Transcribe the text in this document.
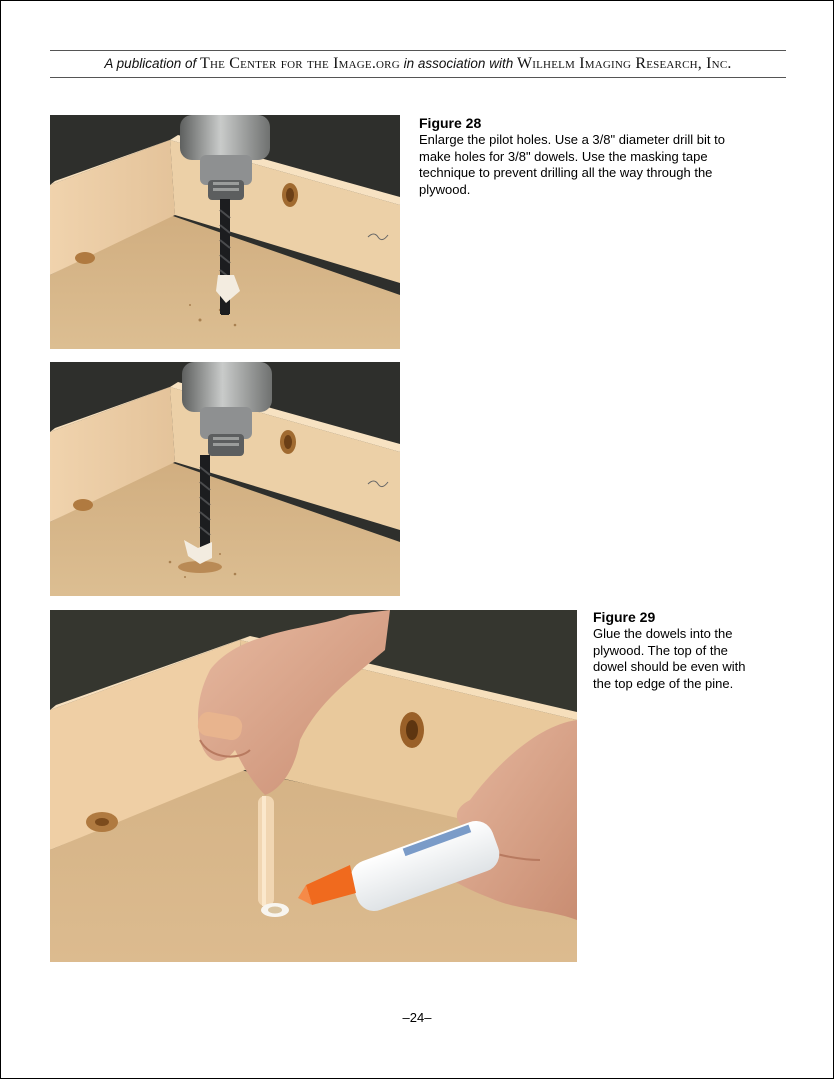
A publication of The Center for the Image.org in association with Wilhelm Imaging Research, Inc.
Figure 28
Enlarge the pilot holes. Use a 3/8" diameter drill bit to make holes for 3/8" dowels. Use the masking tape technique to prevent drilling all the way through the plywood.
Figure 29
Glue the dowels into the plywood. The top of the dowel should be even with the top edge of the pine.
–24–
